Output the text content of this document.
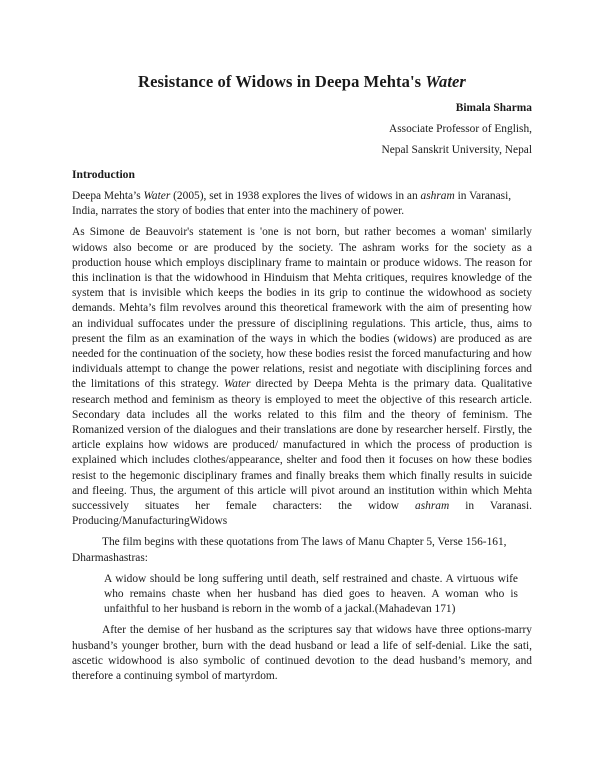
Resistance of Widows in Deepa Mehta's Water
Bimala Sharma
Associate Professor of English,
Nepal Sanskrit University, Nepal
Introduction

Deepa Mehta’s Water (2005), set in 1938 explores the lives of widows in an ashram in Varanasi, India, narrates the story of bodies that enter into the machinery of power.

As Simone de Beauvoir's statement is 'one is not born, but rather becomes a woman' similarly widows also become or are produced by the society. The ashram works for the society as a production house which employs disciplinary frame to maintain or produce widows. The reason for this inclination is that the widowhood in Hinduism that Mehta critiques, requires knowledge of the system that is invisible which keeps the bodies in its grip to continue the widowhood as society demands. Mehta’s film revolves around this theoretical framework with the aim of presenting how an individual suffocates under the pressure of disciplining regulations. This article, thus, aims to present the film as an examination of the ways in which the bodies (widows) are produced as are needed for the continuation of the society, how these bodies resist the forced manufacturing and how individuals attempt to change the power relations, resist and negotiate with disciplining forces and the limitations of this strategy. Water directed by Deepa Mehta is the primary data. Qualitative research method and feminism as theory is employed to meet the objective of this research article. Secondary data includes all the works related to this film and the theory of feminism. The Romanized version of the dialogues and their translations are done by researcher herself. Firstly, the article explains how widows are produced/ manufactured in which the process of production is explained which includes clothes/appearance, shelter and food then it focuses on how these bodies resist to the hegemonic disciplinary frames and finally breaks them which finally results in suicide and fleeing. Thus, the argument of this article will pivot around an institution within which Mehta successively situates her female characters: the widow ashram in Varanasi. Producing/ManufacturingWidows

The film begins with these quotations from The laws of Manu Chapter 5, Verse 156-161, Dharmashastras:

A widow should be long suffering until death, self restrained and chaste. A virtuous wife who remains chaste when her husband has died goes to heaven. A woman who is unfaithful to her husband is reborn in the womb of a jackal.(Mahadevan 171)

After the demise of her husband as the scriptures say that widows have three options-marry husband’s younger brother, burn with the dead husband or lead a life of self-denial. Like the sati, ascetic widowhood is also symbolic of continued devotion to the dead husband’s memory, and therefore a continuing symbol of martyrdom.
